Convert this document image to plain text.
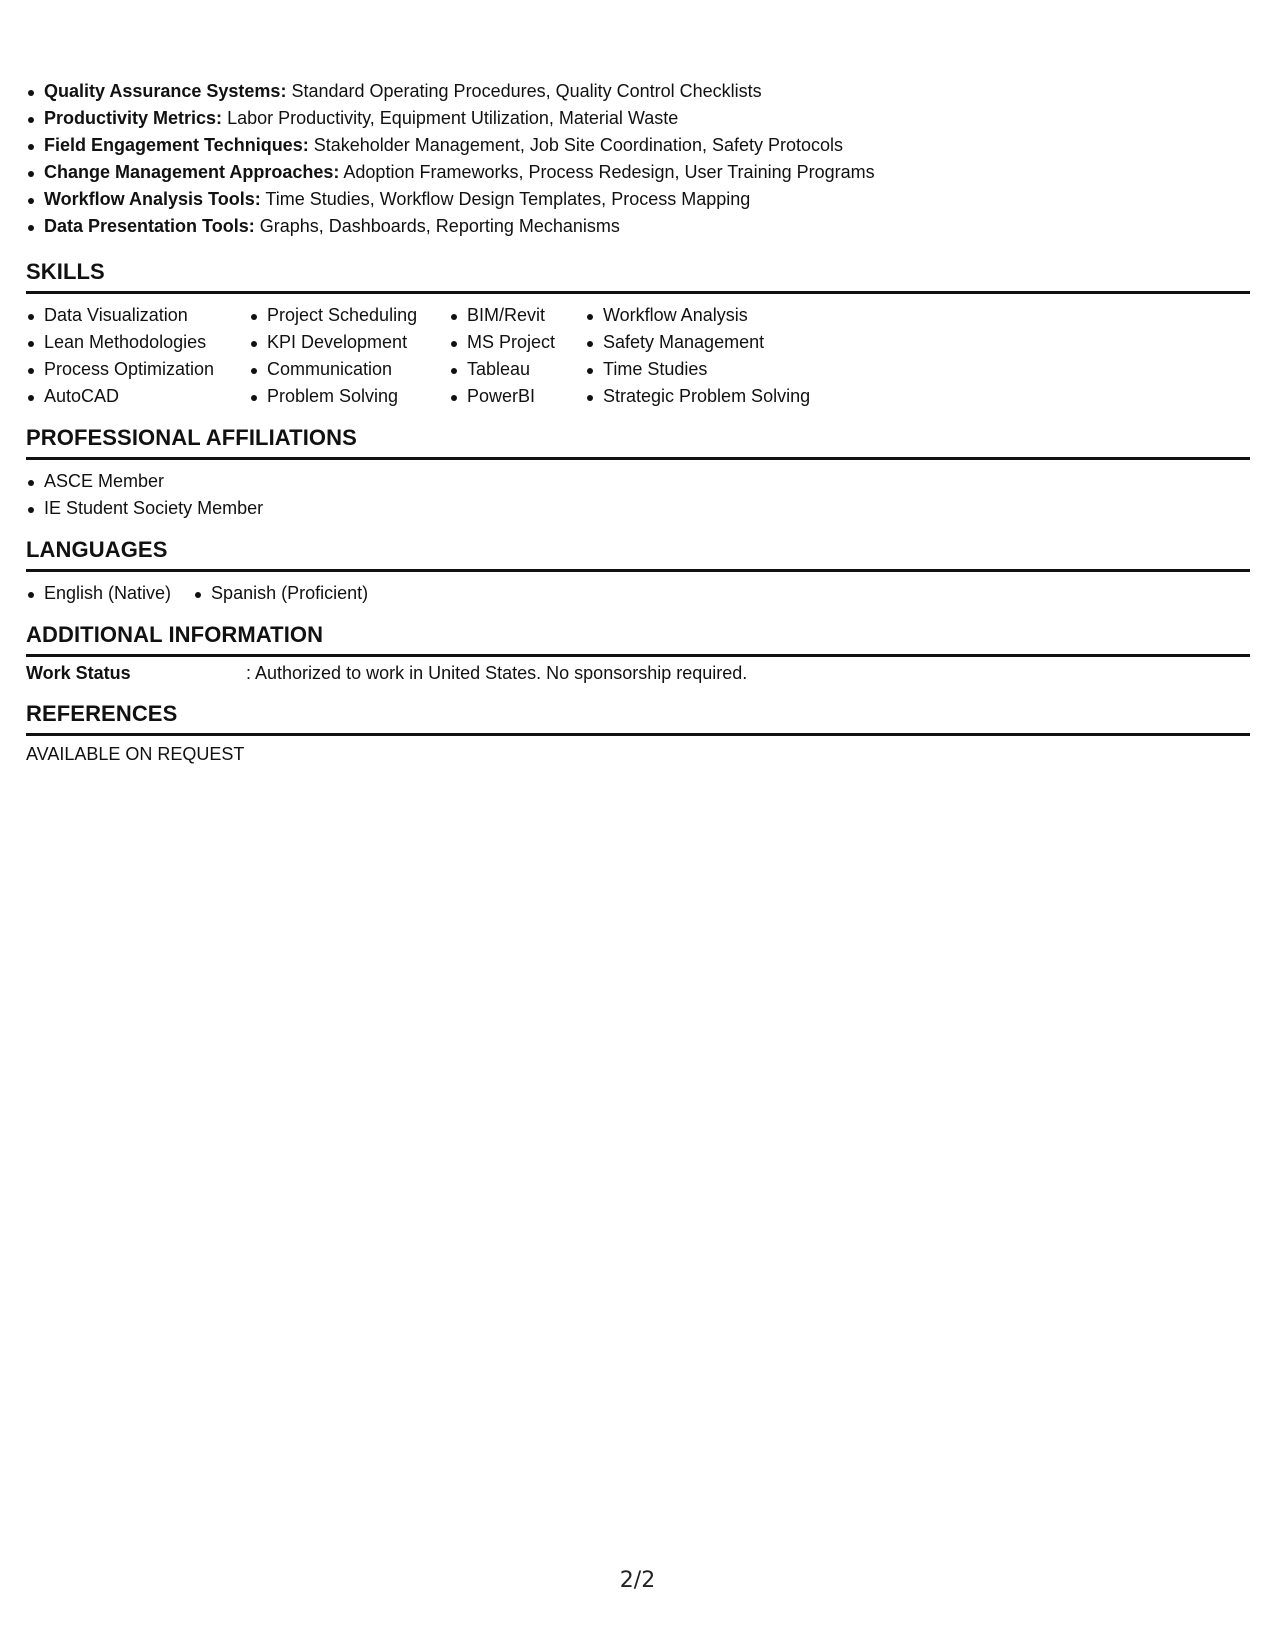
Quality Assurance Systems: Standard Operating Procedures, Quality Control Checklists
Productivity Metrics: Labor Productivity, Equipment Utilization, Material Waste
Field Engagement Techniques: Stakeholder Management, Job Site Coordination, Safety Protocols
Change Management Approaches: Adoption Frameworks, Process Redesign, User Training Programs
Workflow Analysis Tools: Time Studies, Workflow Design Templates, Process Mapping
Data Presentation Tools: Graphs, Dashboards, Reporting Mechanisms
SKILLS
Data Visualization
Lean Methodologies
Process Optimization
AutoCAD
Project Scheduling
KPI Development
Communication
Problem Solving
BIM/Revit
MS Project
Tableau
PowerBI
Workflow Analysis
Safety Management
Time Studies
Strategic Problem Solving
PROFESSIONAL AFFILIATIONS
ASCE Member
IE Student Society Member
LANGUAGES
English (Native)	Spanish (Proficient)
ADDITIONAL INFORMATION
Work Status	: Authorized to work in United States. No sponsorship required.
REFERENCES
AVAILABLE ON REQUEST
2/2
